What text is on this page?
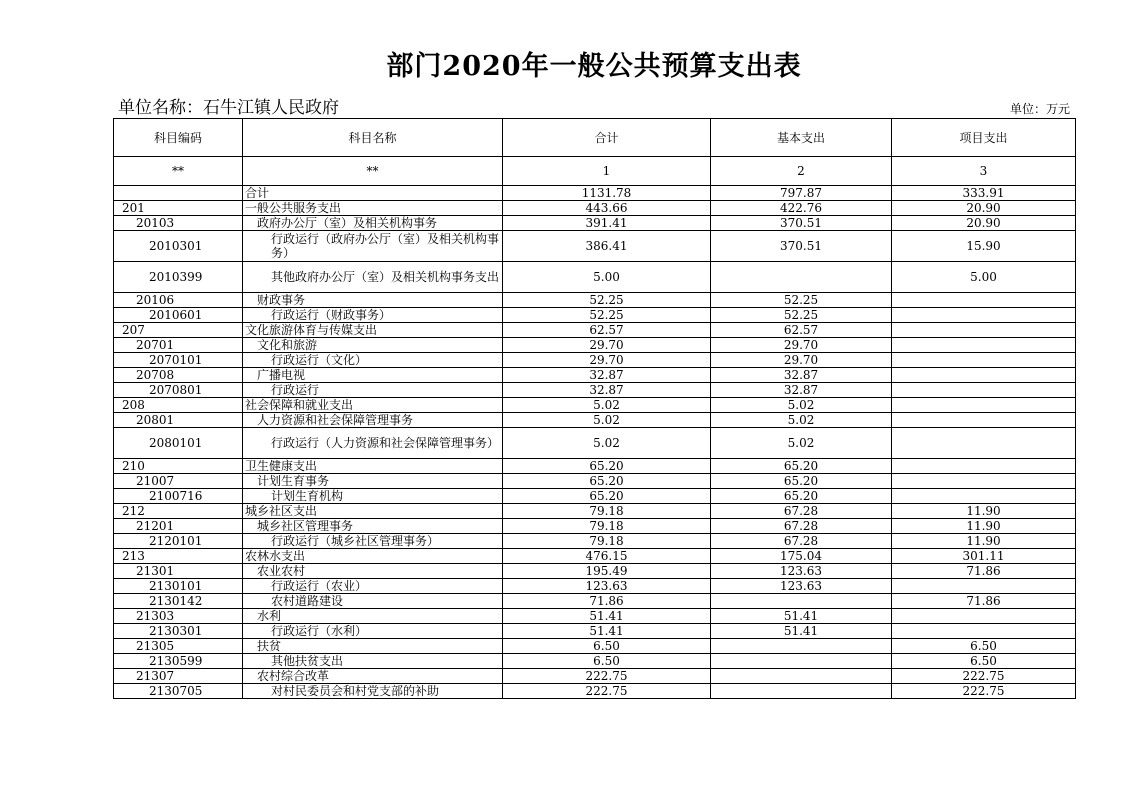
部门2020年一般公共预算支出表
单位名称：石牛江镇人民政府	单位：万元
科目编码	科目名称	合计	基本支出	项目支出
**	**	1	2	3
	合计	1131.78	797.87	333.91
201	一般公共服务支出	443.66	422.76	20.90
20103	政府办公厅（室）及相关机构事务	391.41	370.51	20.90
2010301	行政运行（政府办公厅（室）及相关机构事务）	386.41	370.51	15.90
2010399	其他政府办公厅（室）及相关机构事务支出	5.00		5.00
20106	财政事务	52.25	52.25	
2010601	行政运行（财政事务）	52.25	52.25	
207	文化旅游体育与传媒支出	62.57	62.57	
20701	文化和旅游	29.70	29.70	
2070101	行政运行（文化）	29.70	29.70	
20708	广播电视	32.87	32.87	
2070801	行政运行	32.87	32.87	
208	社会保障和就业支出	5.02	5.02	
20801	人力资源和社会保障管理事务	5.02	5.02	
2080101	行政运行（人力资源和社会保障管理事务）	5.02	5.02	
210	卫生健康支出	65.20	65.20	
21007	计划生育事务	65.20	65.20	
2100716	计划生育机构	65.20	65.20	
212	城乡社区支出	79.18	67.28	11.90
21201	城乡社区管理事务	79.18	67.28	11.90
2120101	行政运行（城乡社区管理事务）	79.18	67.28	11.90
213	农林水支出	476.15	175.04	301.11
21301	农业农村	195.49	123.63	71.86
2130101	行政运行（农业）	123.63	123.63	
2130142	农村道路建设	71.86		71.86
21303	水利	51.41	51.41	
2130301	行政运行（水利）	51.41	51.41	
21305	扶贫	6.50		6.50
2130599	其他扶贫支出	6.50		6.50
21307	农村综合改革	222.75		222.75
2130705	对村民委员会和村党支部的补助	222.75		222.75
